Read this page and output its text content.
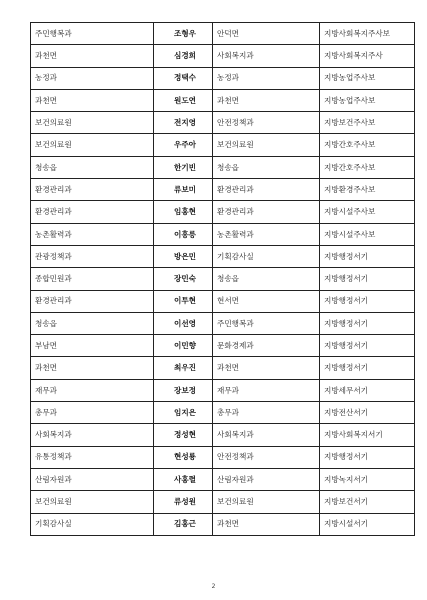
주민행복과	조형우	안덕면	지방사회복지주사보
과천면	심경희	사회복지과	지방사회복지주사
농정과	정택수	농정과	지방농업주사보
과천면	원도연	과천면	지방농업주사보
보건의료원	전지영	안전정책과	지방보건주사보
보건의료원	우주아	보건의료원	지방간호주사보
청송읍	한기빈	청송읍	지방간호주사보
환경관리과	류보미	환경관리과	지방환경주사보
환경관리과	임홍현	환경관리과	지방시설주사보
농촌활력과	이흥릉	농촌활력과	지방시설주사보
관광정책과	방은민	기획감사실	지방행정서기
종합민원과	장민숙	청송읍	지방행정서기
환경관리과	이투현	현서면	지방행정서기
청송읍	이선영	주민행복과	지방행정서기
부남면	이민향	문화경제과	지방행정서기
과천면	최우진	과천면	지방행정서기
재무과	장보정	재무과	지방세무서기
총무과	임지은	총무과	지방전산서기
사회복지과	정성현	사회복지과	지방사회복지서기
유통정책과	현성룡	안전정책과	지방행정서기
산림자원과	사홍렬	산림자원과	지방녹지서기
보건의료원	류성원	보건의료원	지방보건서기
기획감사실	김홍근	과천면	지방시설서기
2
